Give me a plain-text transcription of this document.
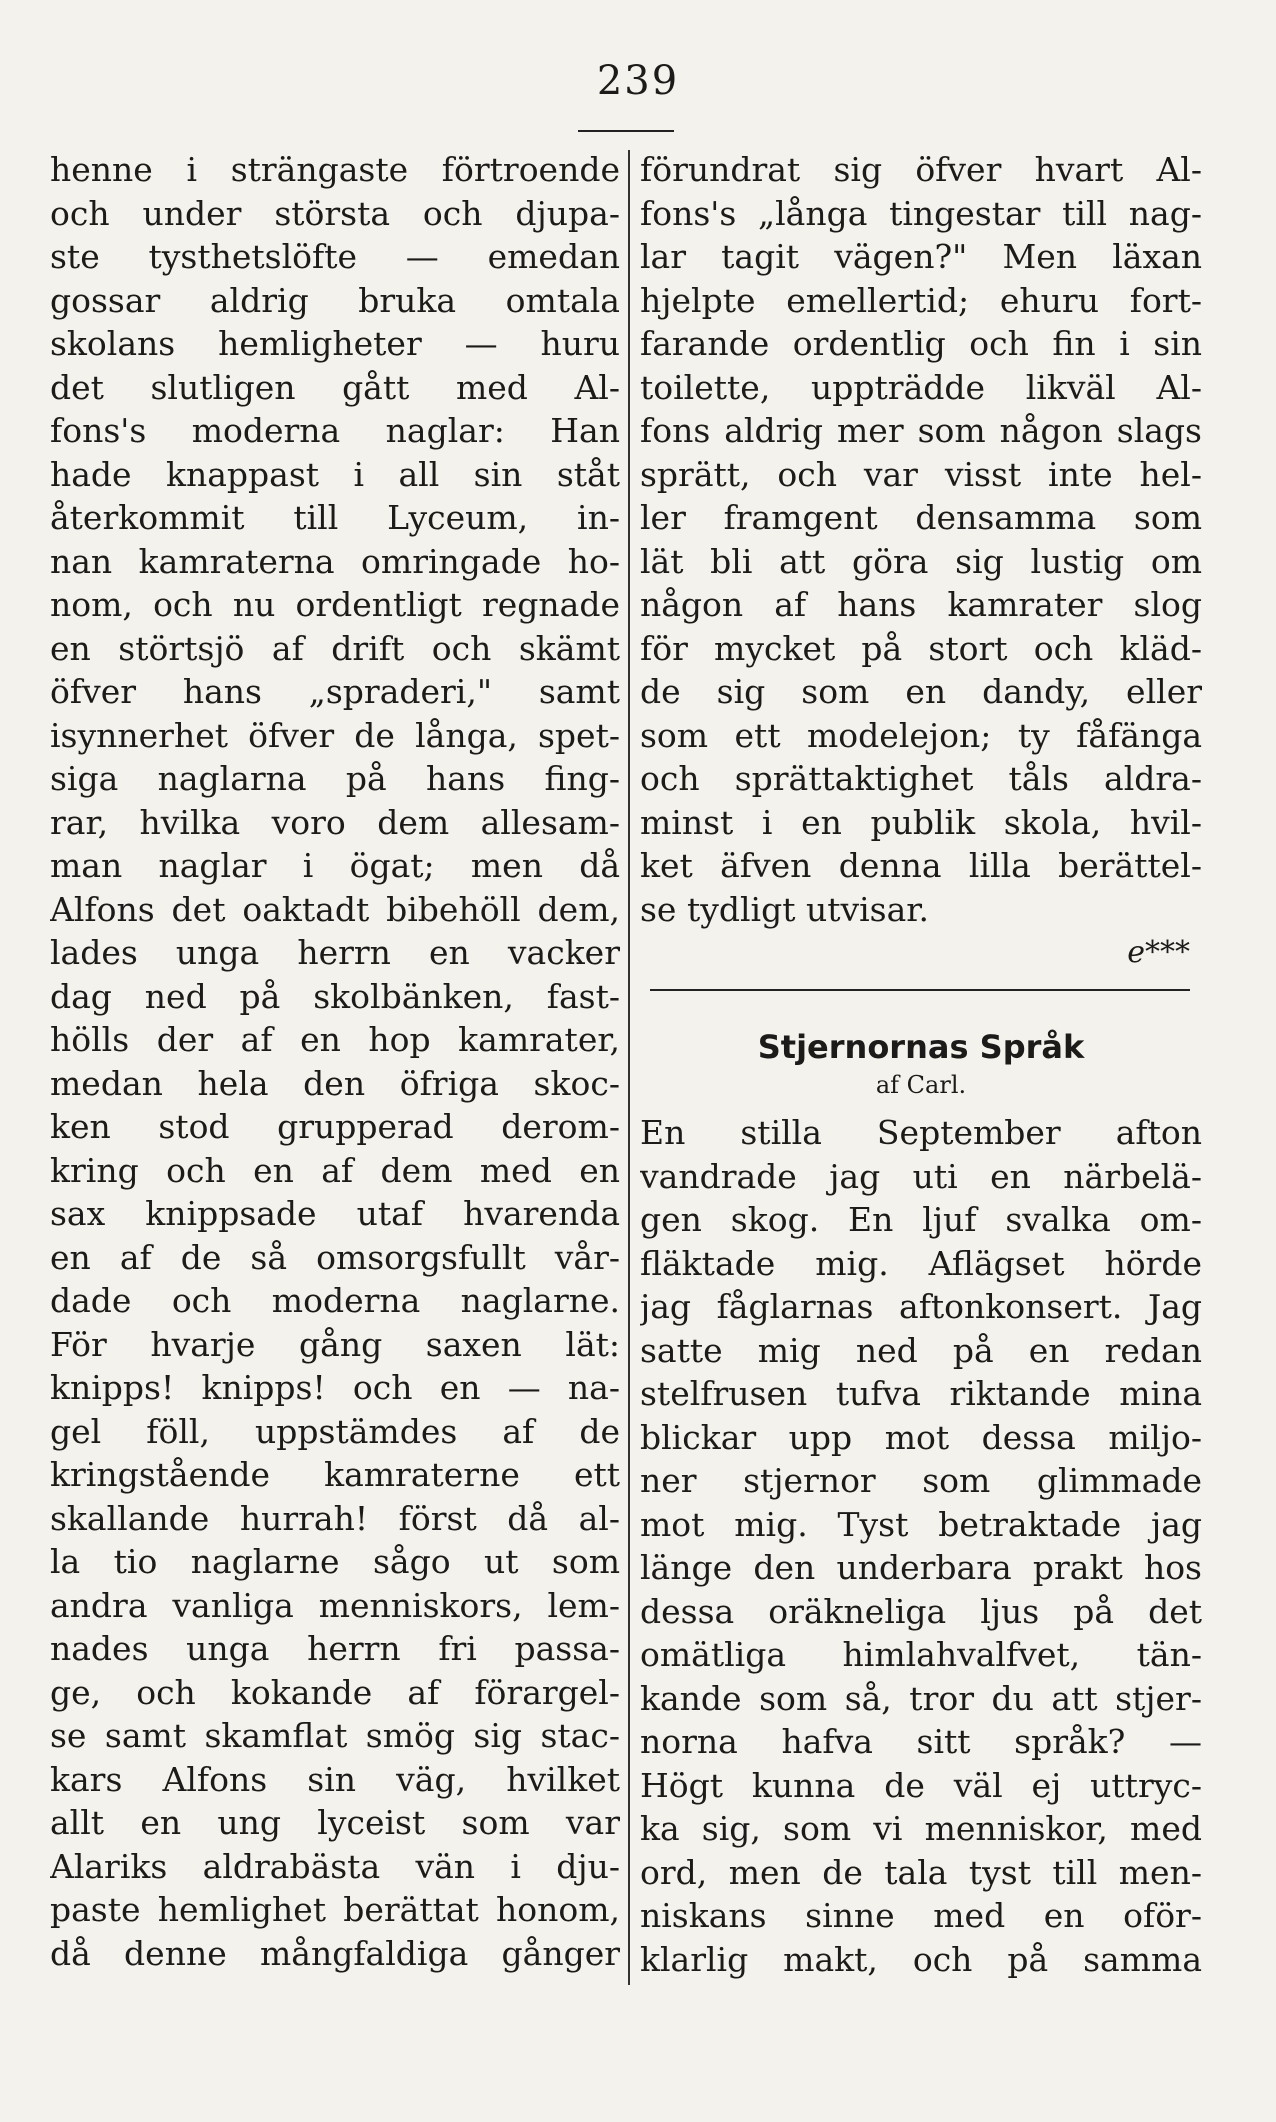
239
henne i strängaste förtroende
och under största och djupa-
ste tysthetslöfte — emedan
gossar aldrig bruka omtala
skolans hemligheter — huru
det slutligen gått med Al-
fons's moderna naglar: Han
hade knappast i all sin ståt
återkommit till Lyceum, in-
nan kamraterna omringade ho-
nom, och nu ordentligt regnade
en störtsjö af drift och skämt
öfver hans „spraderi," samt
isynnerhet öfver de långa, spet-
siga naglarna på hans fing-
rar, hvilka voro dem allesam-
man naglar i ögat; men då
Alfons det oaktadt bibehöll dem,
lades unga herrn en vacker
dag ned på skolbänken, fast-
hölls der af en hop kamrater,
medan hela den öfriga skoc-
ken stod grupperad derom-
kring och en af dem med en
sax knippsade utaf hvarenda
en af de så omsorgsfullt vår-
dade och moderna naglarne.
För hvarje gång saxen lät:
knipps! knipps! och en — na-
gel föll, uppstämdes af de
kringstående kamraterne ett
skallande hurrah! först då al-
la tio naglarne sågo ut som
andra vanliga menniskors, lem-
nades unga herrn fri passa-
ge, och kokande af förargel-
se samt skamflat smög sig stac-
kars Alfons sin väg, hvilket
allt en ung lyceist som var
Alariks aldrabästa vän i dju-
paste hemlighet berättat honom,
då denne mångfaldiga gånger
förundrat sig öfver hvart Al-
fons's „långa tingestar till nag-
lar tagit vägen?" Men läxan
hjelpte emellertid; ehuru fort-
farande ordentlig och fin i sin
toilette, uppträdde likväl Al-
fons aldrig mer som någon slags
sprätt, och var visst inte hel-
ler framgent densamma som
lät bli att göra sig lustig om
någon af hans kamrater slog
för mycket på stort och kläd-
de sig som en dandy, eller
som ett modelejon; ty fåfänga
och sprättaktighet tåls aldra-
minst i en publik skola, hvil-
ket äfven denna lilla berättel-
se tydligt utvisar.
e***
Stjernornas Språk
af Carl.
En stilla September afton
vandrade jag uti en närbelä-
gen skog. En ljuf svalka om-
fläktade mig. Aflägset hörde
jag fåglarnas aftonkonsert. Jag
satte mig ned på en redan
stelfrusen tufva riktande mina
blickar upp mot dessa miljo-
ner stjernor som glimmade
mot mig. Tyst betraktade jag
länge den underbara prakt hos
dessa oräkneliga ljus på det
omätliga himlahvalfvet, tän-
kande som så, tror du att stjer-
norna hafva sitt språk? —
Högt kunna de väl ej uttryc-
ka sig, som vi menniskor, med
ord, men de tala tyst till men-
niskans sinne med en oför-
klarlig makt, och på samma
